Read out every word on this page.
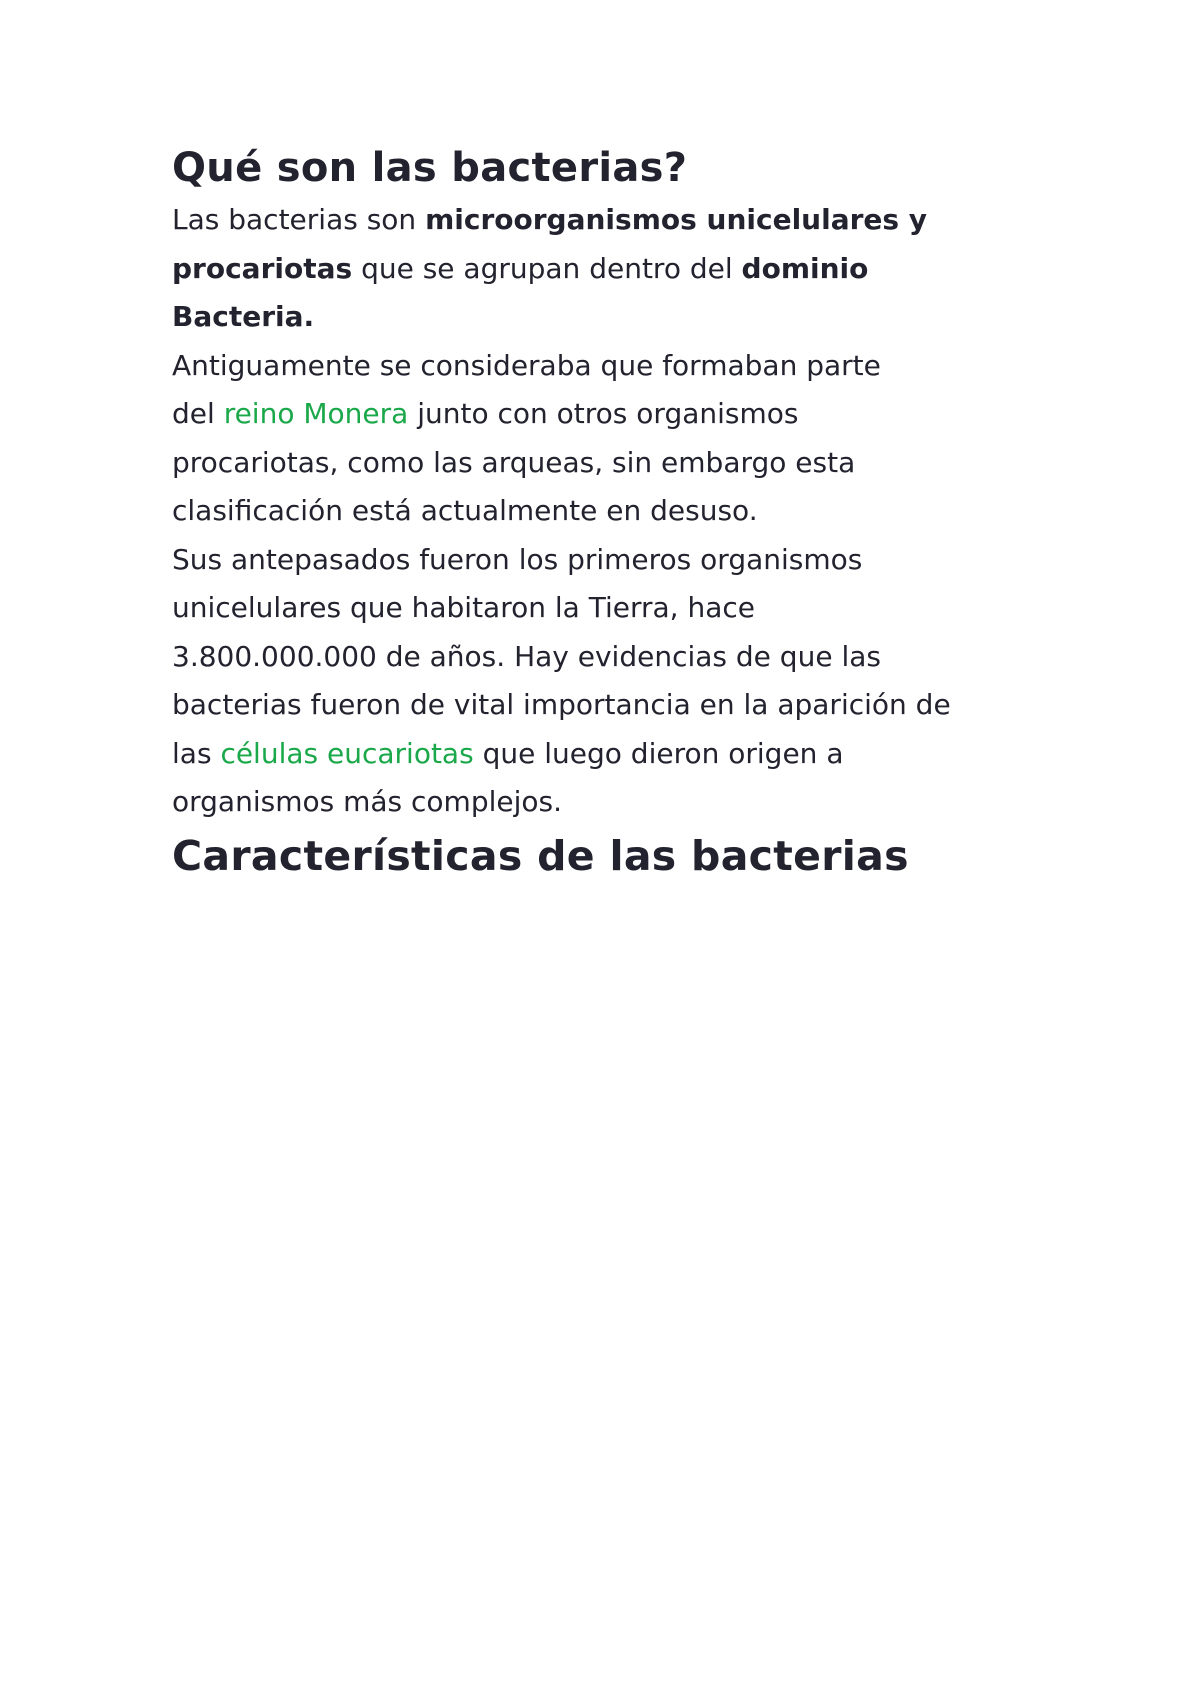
Qué son las bacterias?

Las bacterias son microorganismos unicelulares y
procariotas que se agrupan dentro del dominio
Bacteria.

Antiguamente se consideraba que formaban parte
del reino Monera junto con otros organismos
procariotas, como las arqueas, sin embargo esta
clasificación está actualmente en desuso.

Sus antepasados fueron los primeros organismos
unicelulares que habitaron la Tierra, hace
3.800.000.000 de años. Hay evidencias de que las
bacterias fueron de vital importancia en la aparición de
las células eucariotas que luego dieron origen a
organismos más complejos.

Características de las bacterias
